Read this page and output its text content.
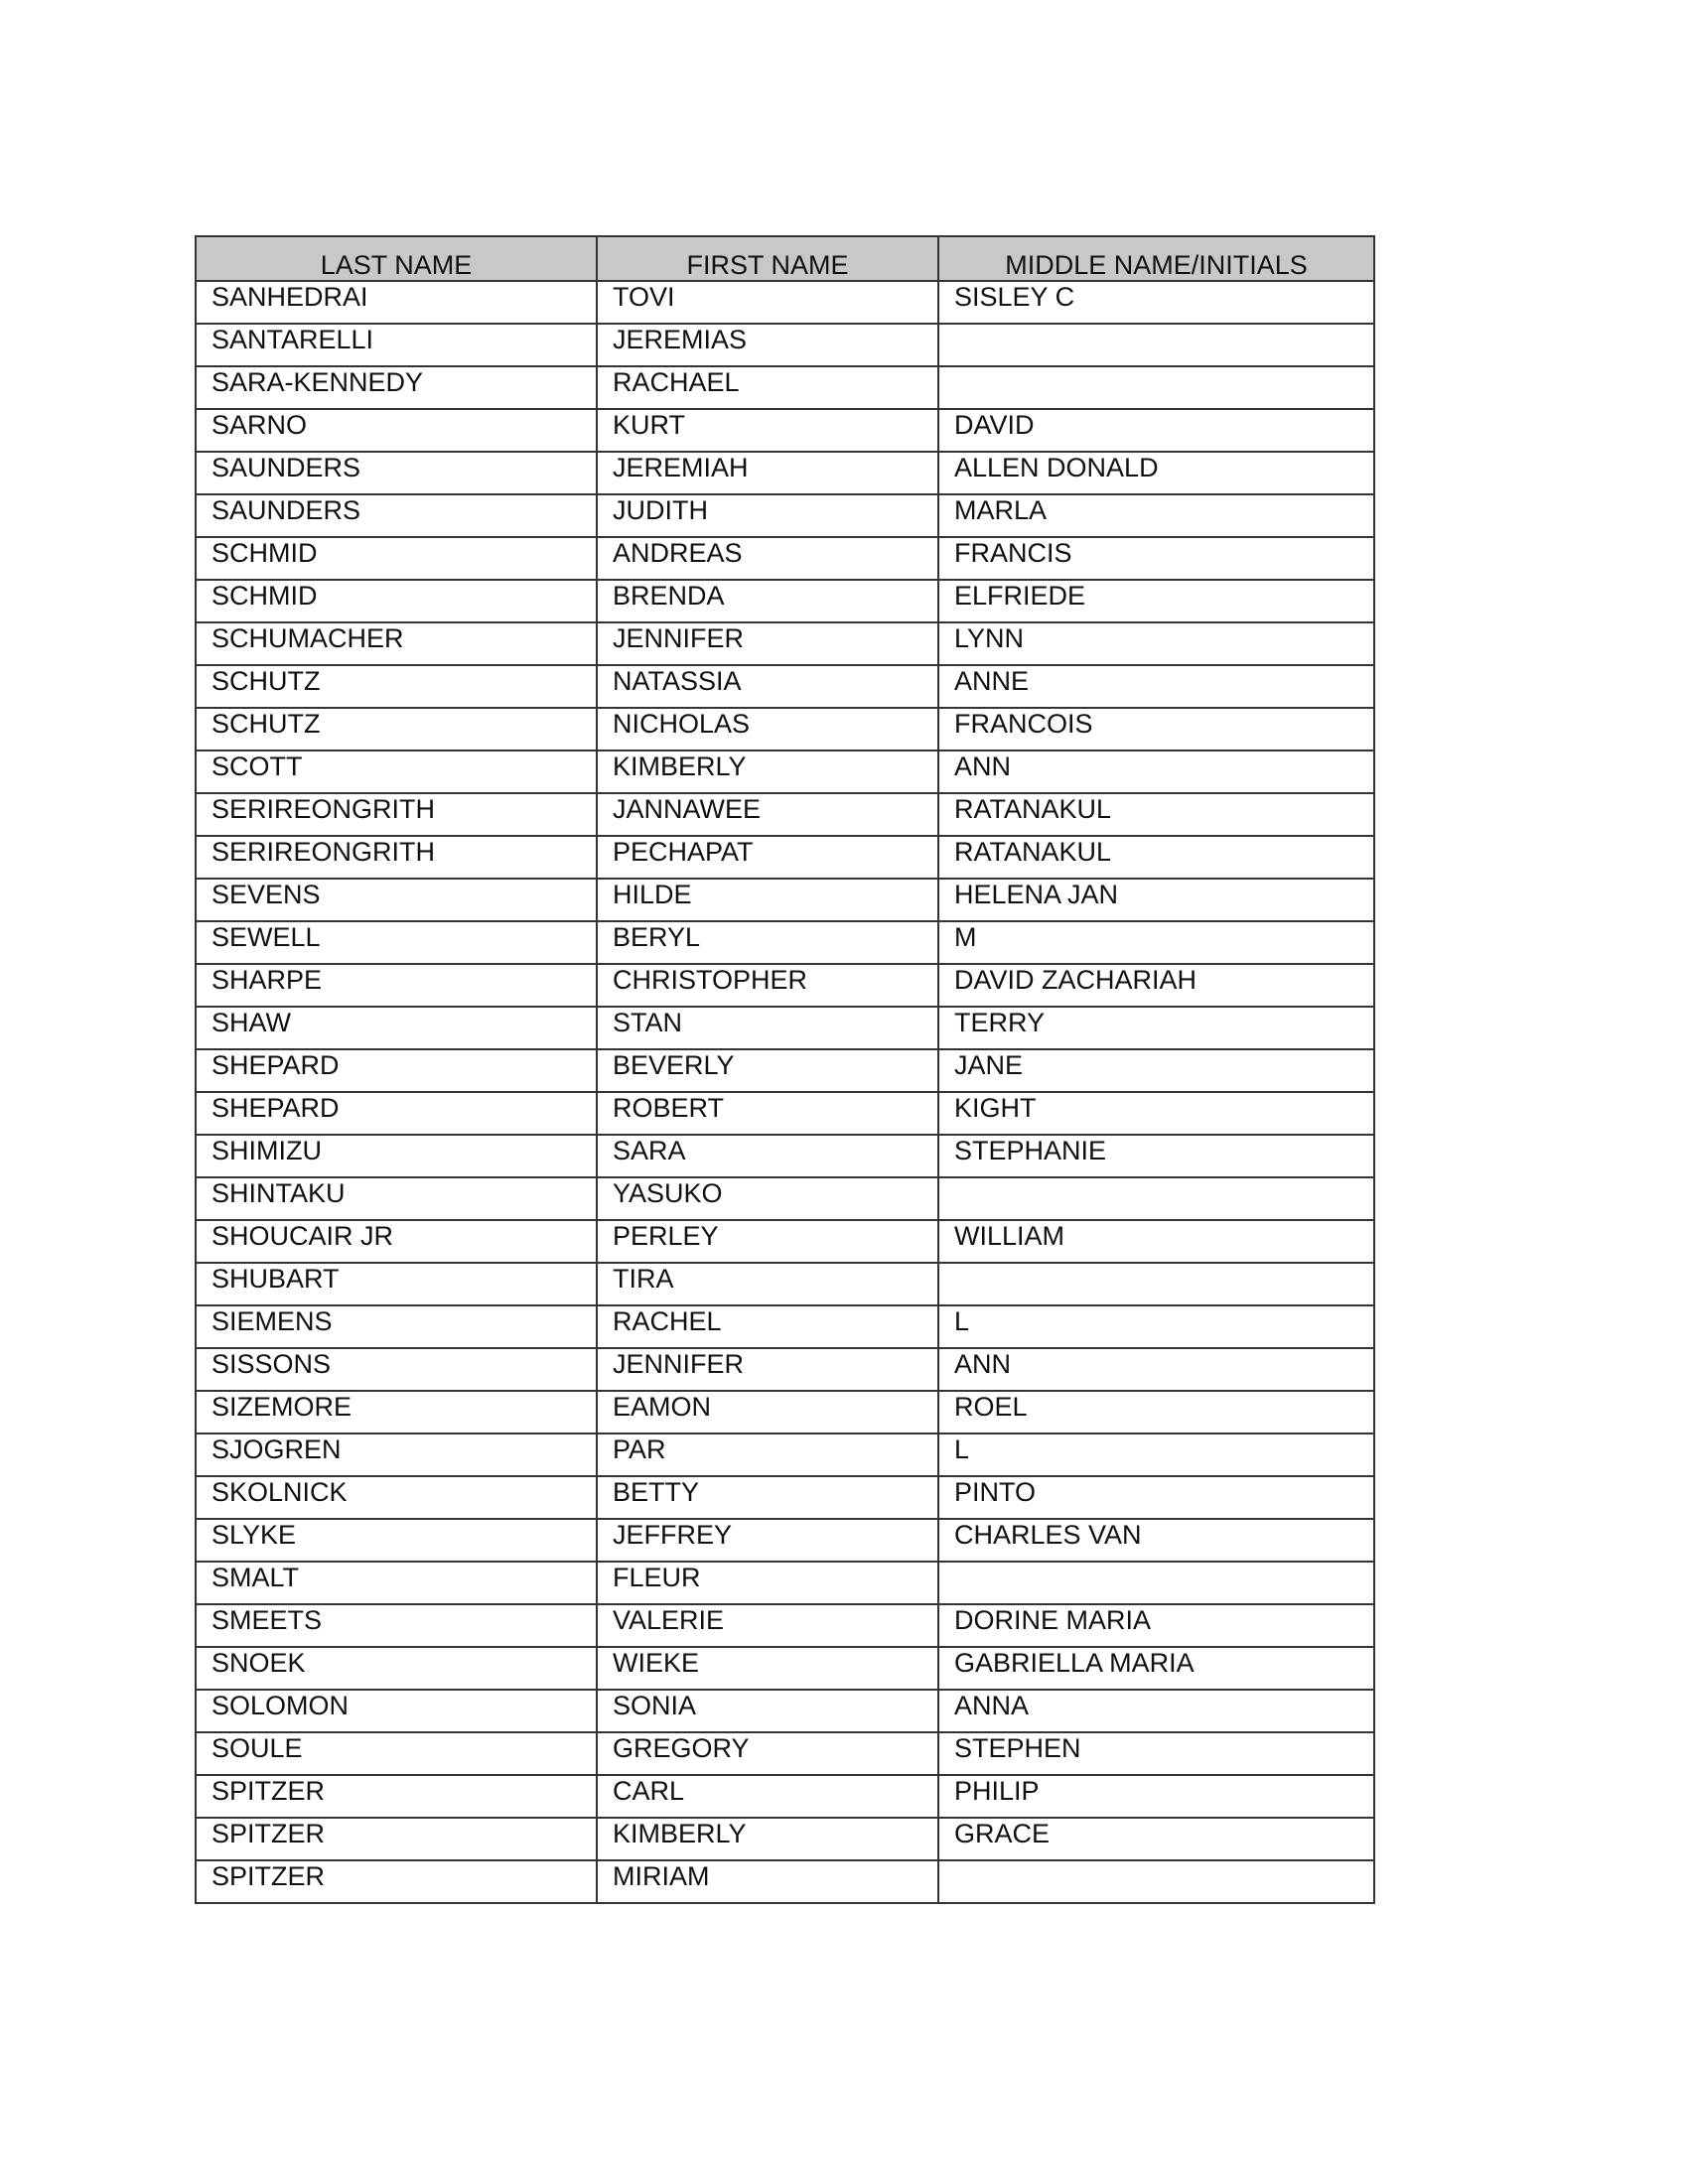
LAST NAME	FIRST NAME	MIDDLE NAME/INITIALS
SANHEDRAI	TOVI	SISLEY C
SANTARELLI	JEREMIAS	
SARA-KENNEDY	RACHAEL	
SARNO	KURT	DAVID
SAUNDERS	JEREMIAH	ALLEN DONALD
SAUNDERS	JUDITH	MARLA
SCHMID	ANDREAS	FRANCIS
SCHMID	BRENDA	ELFRIEDE
SCHUMACHER	JENNIFER	LYNN
SCHUTZ	NATASSIA	ANNE
SCHUTZ	NICHOLAS	FRANCOIS
SCOTT	KIMBERLY	ANN
SERIREONGRITH	JANNAWEE	RATANAKUL
SERIREONGRITH	PECHAPAT	RATANAKUL
SEVENS	HILDE	HELENA JAN
SEWELL	BERYL	M
SHARPE	CHRISTOPHER	DAVID ZACHARIAH
SHAW	STAN	TERRY
SHEPARD	BEVERLY	JANE
SHEPARD	ROBERT	KIGHT
SHIMIZU	SARA	STEPHANIE
SHINTAKU	YASUKO	
SHOUCAIR JR	PERLEY	WILLIAM
SHUBART	TIRA	
SIEMENS	RACHEL	L
SISSONS	JENNIFER	ANN
SIZEMORE	EAMON	ROEL
SJOGREN	PAR	L
SKOLNICK	BETTY	PINTO
SLYKE	JEFFREY	CHARLES VAN
SMALT	FLEUR	
SMEETS	VALERIE	DORINE MARIA
SNOEK	WIEKE	GABRIELLA MARIA
SOLOMON	SONIA	ANNA
SOULE	GREGORY	STEPHEN
SPITZER	CARL	PHILIP
SPITZER	KIMBERLY	GRACE
SPITZER	MIRIAM	
